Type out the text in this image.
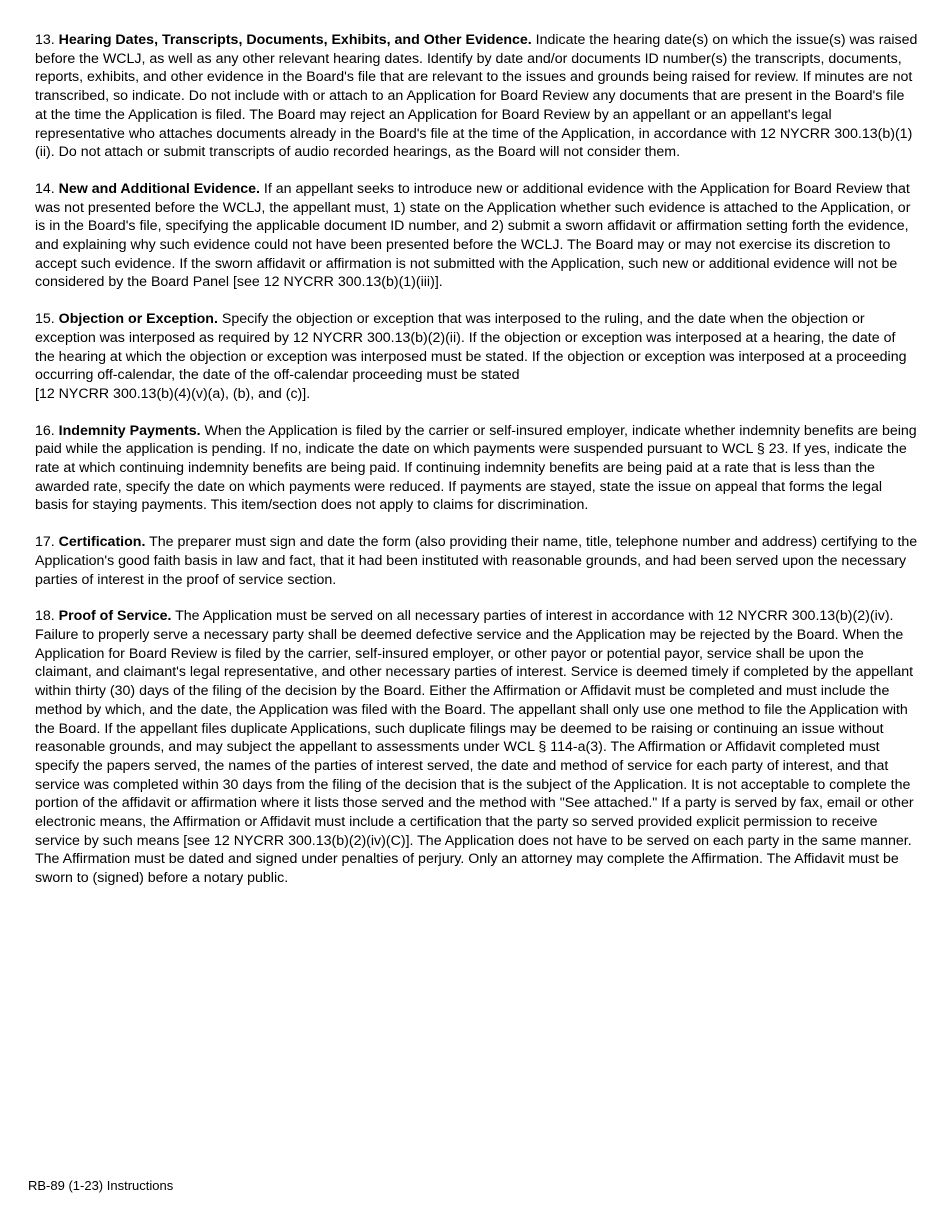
13. Hearing Dates, Transcripts, Documents, Exhibits, and Other Evidence. Indicate the hearing date(s) on which the issue(s) was raised before the WCLJ, as well as any other relevant hearing dates. Identify by date and/or documents ID number(s) the transcripts, documents, reports, exhibits, and other evidence in the Board's file that are relevant to the issues and grounds being raised for review. If minutes are not transcribed, so indicate. Do not include with or attach to an Application for Board Review any documents that are present in the Board's file at the time the Application is filed. The Board may reject an Application for Board Review by an appellant or an appellant's legal representative who attaches documents already in the Board's file at the time of the Application, in accordance with 12 NYCRR 300.13(b)(1)(ii). Do not attach or submit transcripts of audio recorded hearings, as the Board will not consider them.

14. New and Additional Evidence. If an appellant seeks to introduce new or additional evidence with the Application for Board Review that was not presented before the WCLJ, the appellant must, 1) state on the Application whether such evidence is attached to the Application, or is in the Board's file, specifying the applicable document ID number, and 2) submit a sworn affidavit or affirmation setting forth the evidence, and explaining why such evidence could not have been presented before the WCLJ. The Board may or may not exercise its discretion to accept such evidence. If the sworn affidavit or affirmation is not submitted with the Application, such new or additional evidence will not be considered by the Board Panel [see 12 NYCRR 300.13(b)(1)(iii)].

15. Objection or Exception. Specify the objection or exception that was interposed to the ruling, and the date when the objection or exception was interposed as required by 12 NYCRR 300.13(b)(2)(ii). If the objection or exception was interposed at a hearing, the date of the hearing at which the objection or exception was interposed must be stated. If the objection or exception was interposed at a proceeding occurring off-calendar, the date of the off-calendar proceeding must be stated
[12 NYCRR 300.13(b)(4)(v)(a), (b), and (c)].

16. Indemnity Payments. When the Application is filed by the carrier or self-insured employer, indicate whether indemnity benefits are being paid while the application is pending. If no, indicate the date on which payments were suspended pursuant to WCL § 23. If yes, indicate the rate at which continuing indemnity benefits are being paid. If continuing indemnity benefits are being paid at a rate that is less than the awarded rate, specify the date on which payments were reduced. If payments are stayed, state the issue on appeal that forms the legal basis for staying payments. This item/section does not apply to claims for discrimination.

17. Certification. The preparer must sign and date the form (also providing their name, title, telephone number and address) certifying to the Application's good faith basis in law and fact, that it had been instituted with reasonable grounds, and had been served upon the necessary parties of interest in the proof of service section.

18. Proof of Service. The Application must be served on all necessary parties of interest in accordance with 12 NYCRR 300.13(b)(2)(iv). Failure to properly serve a necessary party shall be deemed defective service and the Application may be rejected by the Board. When the Application for Board Review is filed by the carrier, self-insured employer, or other payor or potential payor, service shall be upon the claimant, and claimant's legal representative, and other necessary parties of interest. Service is deemed timely if completed by the appellant within thirty (30) days of the filing of the decision by the Board. Either the Affirmation or Affidavit must be completed and must include the method by which, and the date, the Application was filed with the Board. The appellant shall only use one method to file the Application with the Board. If the appellant files duplicate Applications, such duplicate filings may be deemed to be raising or continuing an issue without reasonable grounds, and may subject the appellant to assessments under WCL § 114-a(3). The Affirmation or Affidavit completed must specify the papers served, the names of the parties of interest served, the date and method of service for each party of interest, and that service was completed within 30 days from the filing of the decision that is the subject of the Application. It is not acceptable to complete the portion of the affidavit or affirmation where it lists those served and the method with "See attached." If a party is served by fax, email or other electronic means, the Affirmation or Affidavit must include a certification that the party so served provided explicit permission to receive service by such means [see 12 NYCRR 300.13(b)(2)(iv)(C)]. The Application does not have to be served on each party in the same manner. The Affirmation must be dated and signed under penalties of perjury. Only an attorney may complete the Affirmation. The Affidavit must be sworn to (signed) before a notary public.

RB-89 (1-23) Instructions
